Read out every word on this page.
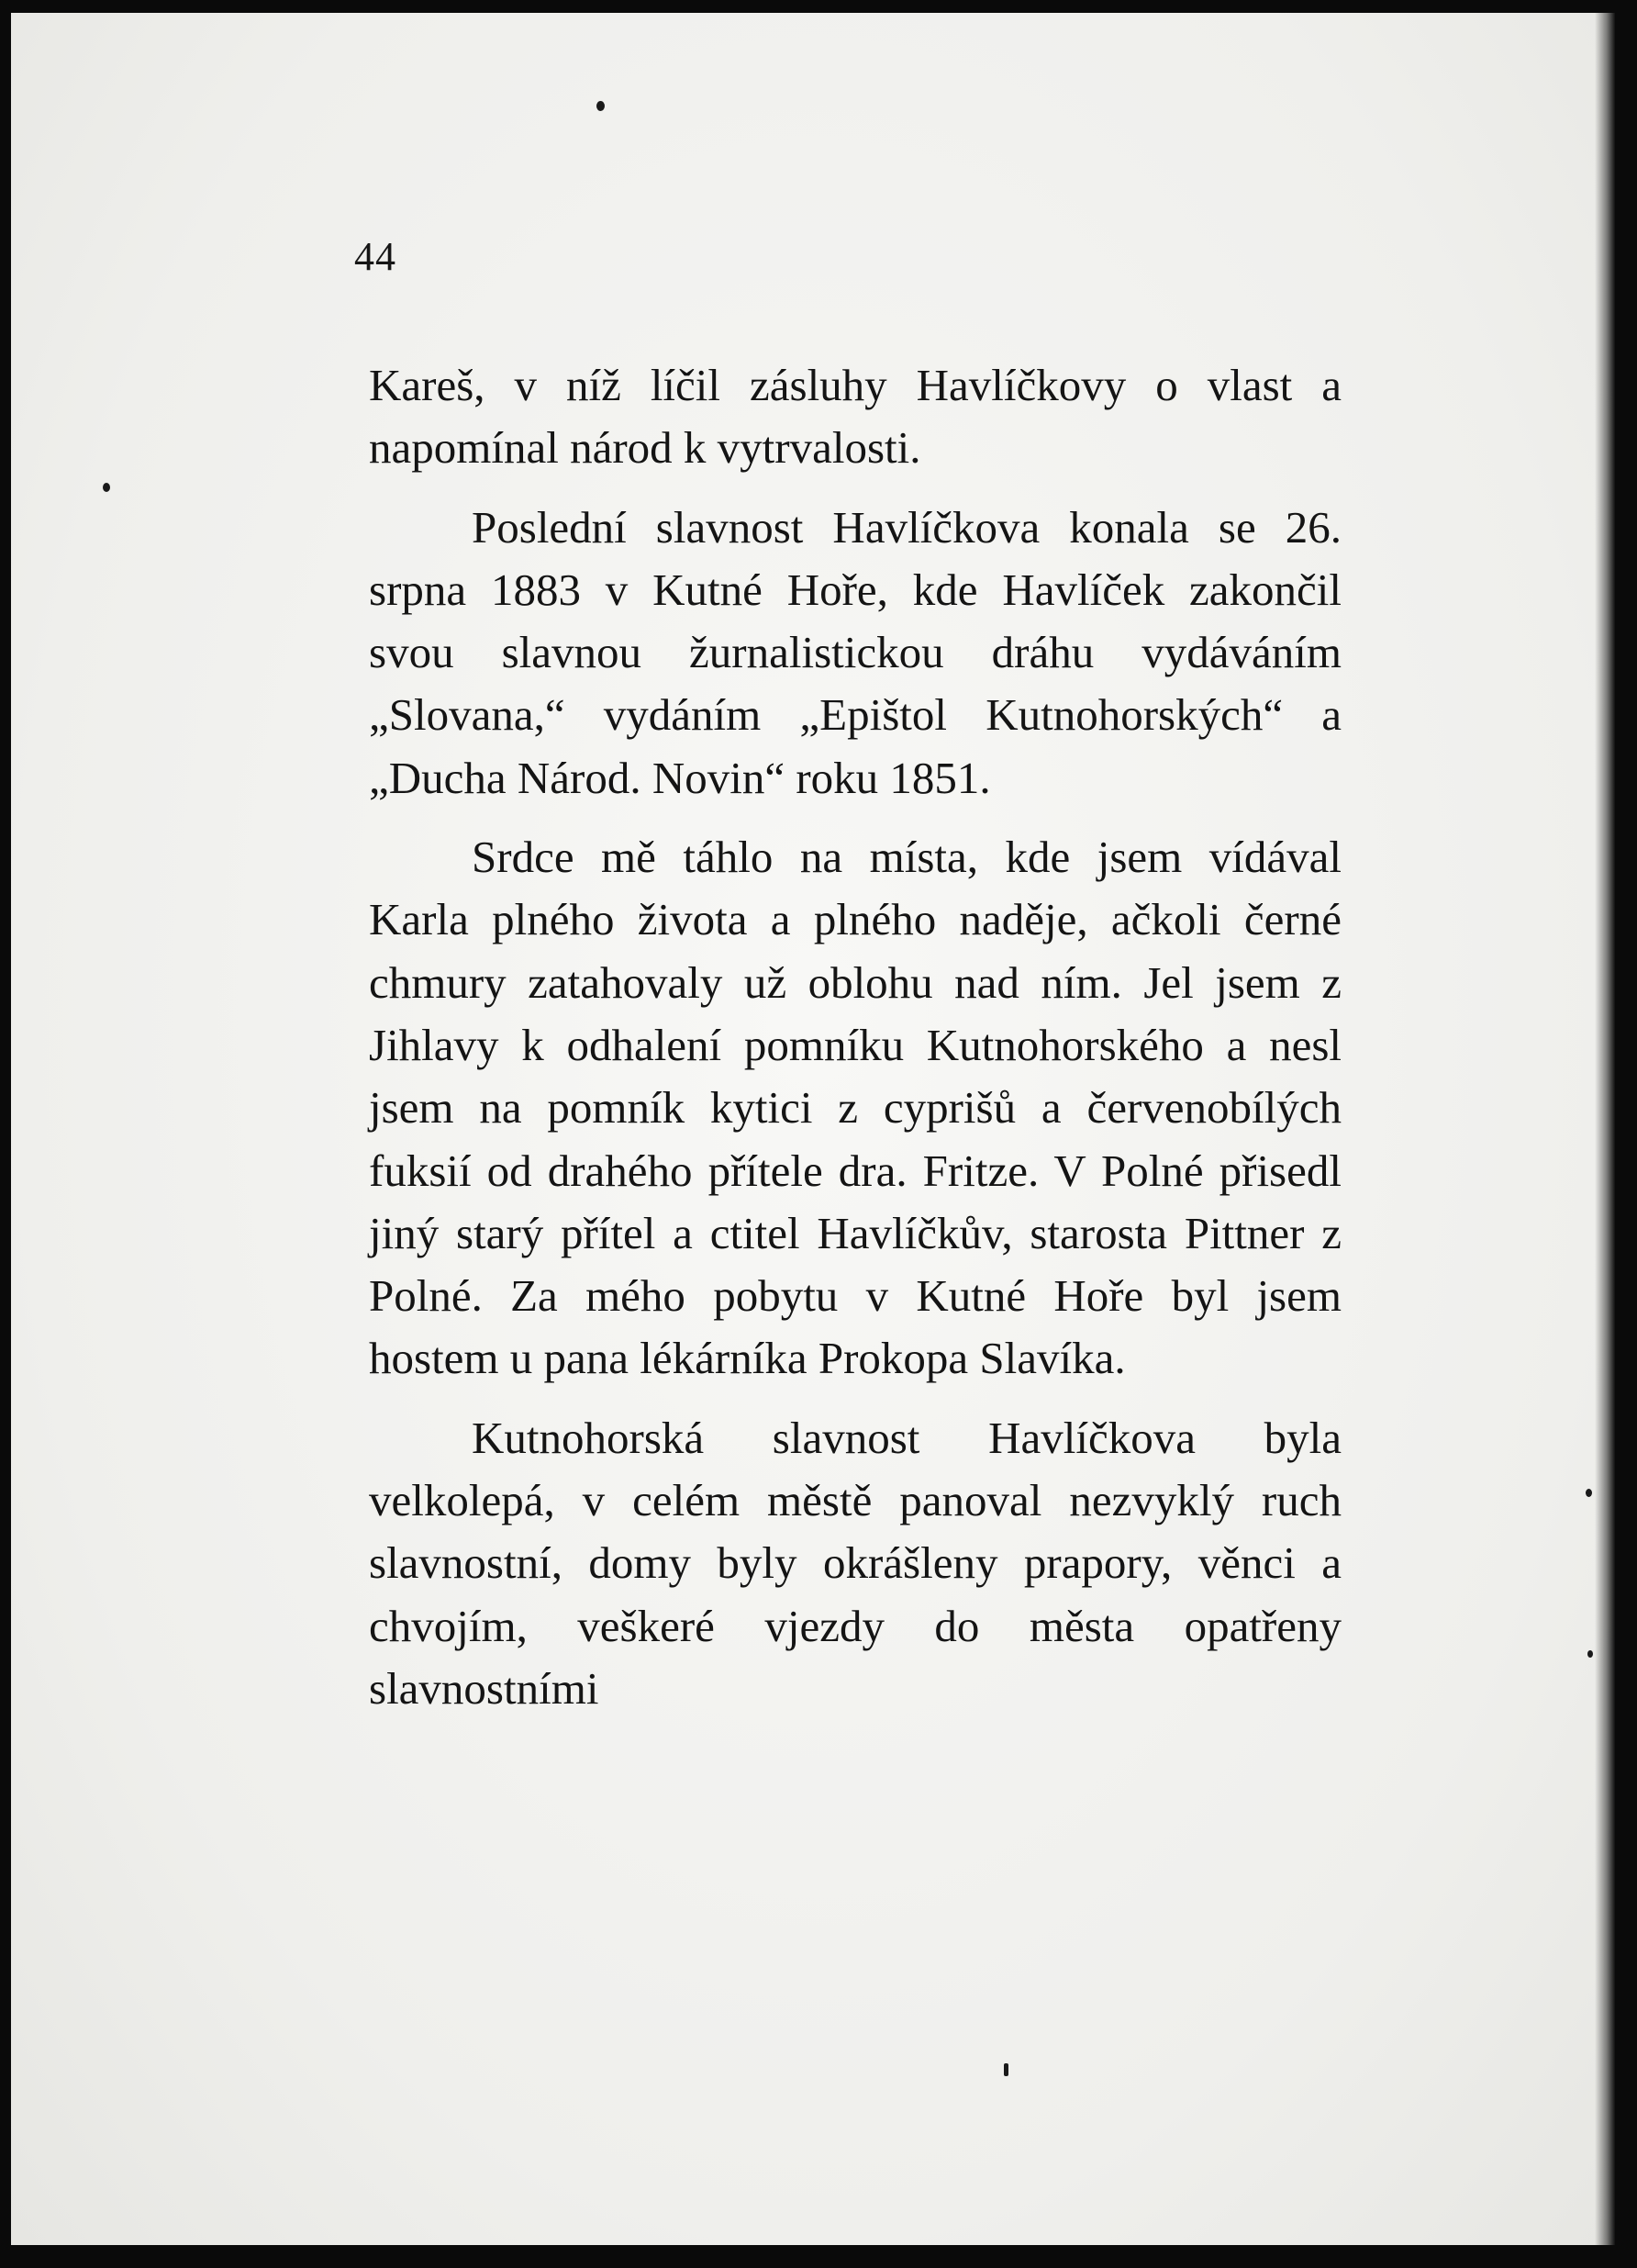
44

Kareš, v níž líčil zásluhy Havlíčkovy o vlast a napomínal národ k vytrvalosti.

Poslední slavnost Havlíčkova konala se 26. srpna 1883 v Kutné Hoře, kde Havlíček zakončil svou slavnou žurnalistickou dráhu vydáváním „Slovana,“ vydáním „Epištol Kutnohorských“ a „Ducha Národ. Novin“ roku 1851.

Srdce mě táhlo na místa, kde jsem vídával Karla plného života a plného naděje, ačkoli černé chmury zatahovaly už oblohu nad ním. Jel jsem z Jihlavy k odhalení pomníku Kutnohorského a nesl jsem na pomník kytici z cyprišů a červenobílých fuksií od drahého přítele dra. Fritze. V Polné přisedl jiný starý přítel a ctitel Havlíčkův, starosta Pittner z Polné. Za mého pobytu v Kutné Hoře byl jsem hostem u pana lékárníka Prokopa Slavíka.

Kutnohorská slavnost Havlíčkova byla velkolepá, v celém městě panoval nezvyklý ruch slavnostní, domy byly okrášleny prapory, věnci a chvojím, veškeré vjezdy do města opatřeny slavnostními
